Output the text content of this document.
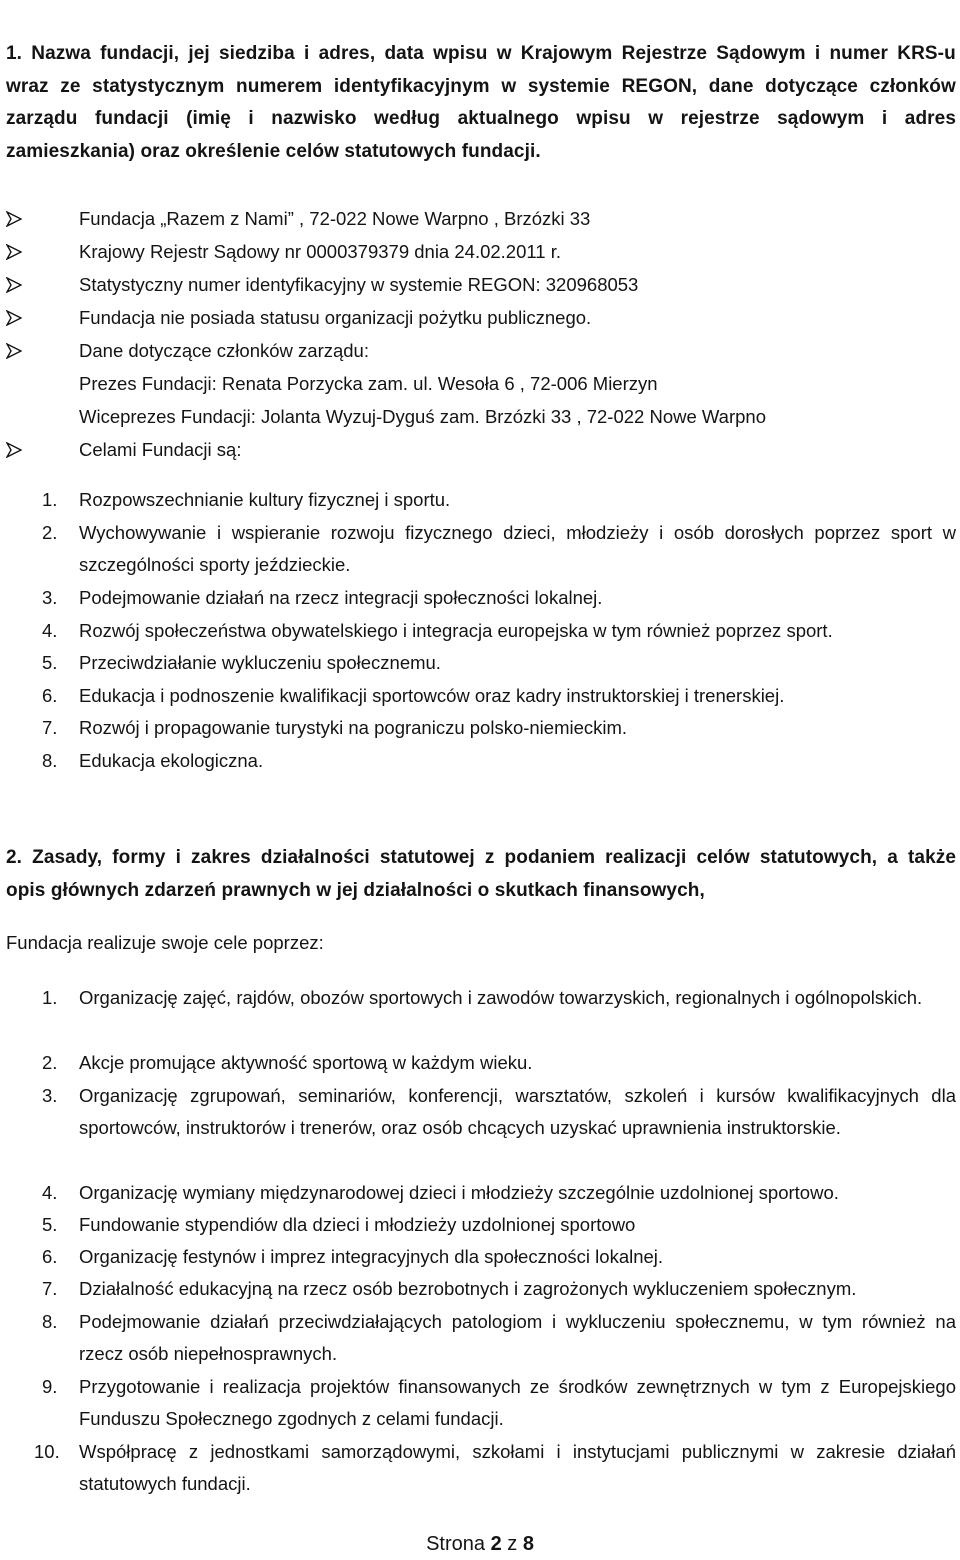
1. Nazwa fundacji, jej siedziba i adres, data wpisu w Krajowym Rejestrze Sądowym i numer KRS-u
wraz ze statystycznym numerem identyfikacyjnym w systemie REGON, dane dotyczące członków
zarządu fundacji (imię i nazwisko według aktualnego wpisu w rejestrze sądowym i adres
zamieszkania) oraz określenie celów statutowych fundacji.
Fundacja „Razem z Nami” , 72-022 Nowe Warpno , Brzózki 33
Krajowy Rejestr Sądowy nr 0000379379 dnia 24.02.2011 r.
Statystyczny numer identyfikacyjny w systemie REGON: 320968053
Fundacja nie posiada statusu organizacji pożytku publicznego.
Dane dotyczące członków zarządu:
Prezes Fundacji: Renata Porzycka zam. ul. Wesoła 6 , 72-006 Mierzyn
Wiceprezes Fundacji: Jolanta Wyzuj-Dyguś zam. Brzózki 33 , 72-022 Nowe Warpno
Celami Fundacji są:
1. Rozpowszechnianie kultury fizycznej i sportu.
2. Wychowywanie i wspieranie rozwoju fizycznego dzieci, młodzieży i osób dorosłych poprzez sport w szczególności sporty jeździeckie.
3. Podejmowanie działań na rzecz integracji społeczności lokalnej.
4. Rozwój społeczeństwa obywatelskiego i integracja europejska w tym również poprzez sport.
5. Przeciwdziałanie wykluczeniu społecznemu.
6. Edukacja i podnoszenie kwalifikacji sportowców oraz kadry instruktorskiej i trenerskiej.
7. Rozwój i propagowanie turystyki na pograniczu polsko-niemieckim.
8. Edukacja ekologiczna.
2. Zasady, formy i zakres działalności statutowej z podaniem realizacji celów statutowych, a także
opis głównych zdarzeń prawnych w jej działalności o skutkach finansowych,
Fundacja realizuje swoje cele poprzez:
1. Organizację zajęć, rajdów, obozów sportowych i zawodów towarzyskich, regionalnych i ogólnopolskich.
2. Akcje promujące aktywność sportową w każdym wieku.
3. Organizację zgrupowań, seminariów, konferencji, warsztatów, szkoleń i kursów kwalifikacyjnych dla sportowców, instruktorów i trenerów, oraz osób chcących uzyskać uprawnienia instruktorskie.
4. Organizację wymiany międzynarodowej dzieci i młodzieży szczególnie uzdolnionej sportowo.
5. Fundowanie stypendiów dla dzieci i młodzieży uzdolnionej sportowo
6. Organizację festynów i imprez integracyjnych dla społeczności lokalnej.
7. Działalność edukacyjną na rzecz osób bezrobotnych i zagrożonych wykluczeniem społecznym.
8. Podejmowanie działań przeciwdziałających patologiom i wykluczeniu społecznemu, w tym również na rzecz osób niepełnosprawnych.
9. Przygotowanie i realizacja projektów finansowanych ze środków zewnętrznych w tym z Europejskiego Funduszu Społecznego zgodnych z celami fundacji.
10. Współpracę z jednostkami samorządowymi, szkołami i instytucjami publicznymi w zakresie działań statutowych fundacji.
Strona 2 z 8
